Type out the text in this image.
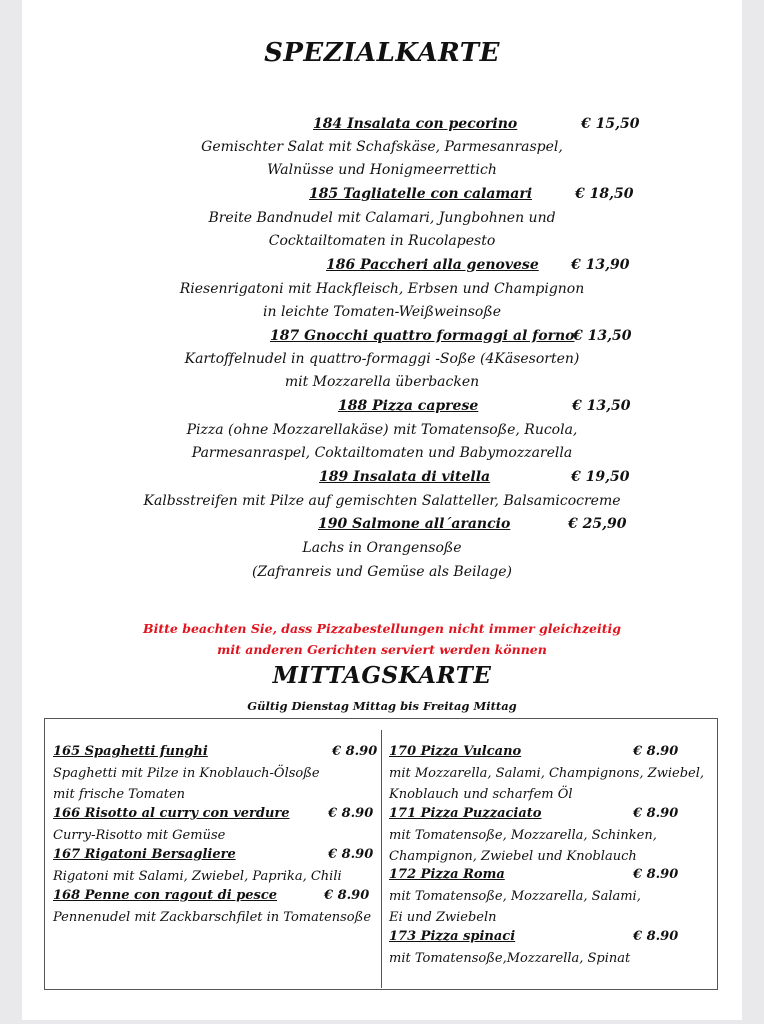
SPEZIALKARTE
184 Insalata con pecorino	€ 15,50
Gemischter Salat mit Schafskäse, Parmesanraspel,
Walnüsse und Honigmeerrettich
185 Tagliatelle con calamari	€ 18,50
Breite Bandnudel mit Calamari, Jungbohnen und
Cocktailtomaten in Rucolapesto
186 Paccheri alla genovese € 13,90
Riesenrigatoni mit Hackfleisch, Erbsen und Champignon
in leichte Tomaten-Weißweinsoße
187 Gnocchi quattro formaggi al forno
€ 13,50
Kartoffelnudel in quattro-formaggi -Soße (4Käsesorten)
mit Mozzarella überbacken
188 Pizza caprese	€ 13,50
Pizza (ohne Mozzarellakäse) mit Tomatensoße, Rucola,
Parmesanraspel, Coktailtomaten und Babymozzarella
189 Insalata di vitella	€ 19,50
Kalbsstreifen mit Pilze auf gemischten Salatteller, Balsamicocreme
190 Salmone all´arancio	€ 25,90
Lachs in Orangensoße
(Zafranreis und Gemüse als Beilage)
Bitte beachten Sie, dass Pizzabestellungen nicht immer gleichzeitig
mit anderen Gerichten serviert werden können
MITTAGSKARTE
Gültig Dienstag Mittag bis Freitag Mittag
165 Spaghetti funghi	€ 8.90
Spaghetti mit Pilze in Knoblauch-Ölsoße
mit frische Tomaten
166 Risotto al curry con verdure	€ 8.90
Curry-Risotto mit Gemüse
167 Rigatoni Bersagliere	€ 8.90
Rigatoni mit Salami, Zwiebel, Paprika, Chili
168 Penne con ragout di pesce	€ 8.90
Pennenudel mit Zackbarschfilet in Tomatensoße
170 Pizza Vulcano	€ 8.90
mit Mozzarella, Salami, Champignons, Zwiebel,
Knoblauch und scharfem Öl
171 Pizza Puzzaciato	€ 8.90
mit Tomatensoße, Mozzarella, Schinken,
Champignon, Zwiebel und Knoblauch
172 Pizza Roma	€ 8.90
mit Tomatensoße, Mozzarella, Salami,
Ei und Zwiebeln
173 Pizza spinaci	€ 8.90
mit Tomatensoße,Mozzarella, Spinat
